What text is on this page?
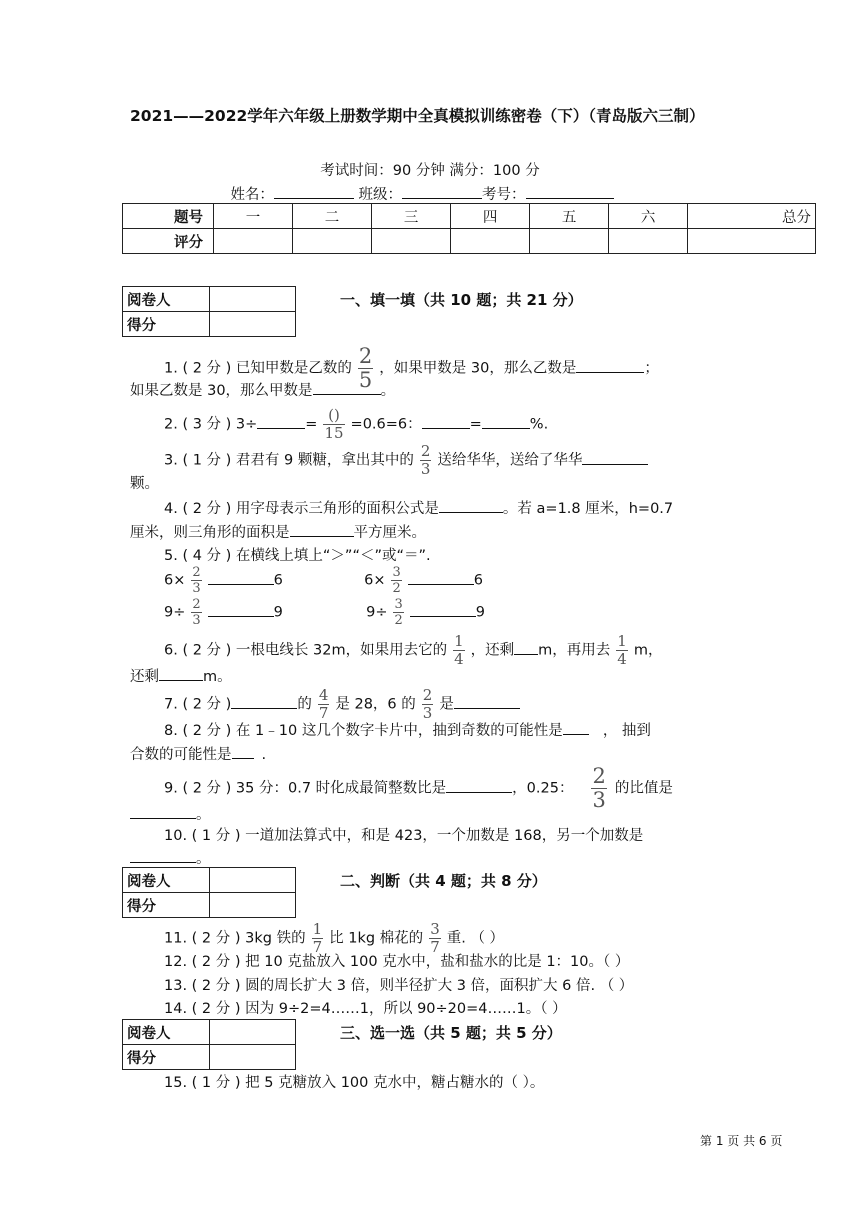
2021——2022学年六年级上册数学期中全真模拟训练密卷（下）（青岛版六三制）
考试时间：90 分钟 满分：100 分
姓名：	班级：	考号：
题号	一	二	三	四	五	六	总分
评分							
阅卷人	
得分	
一、填一填（共 10 题；共 21 分）
1. ( 2 分 ) 已知甲数是乙数的 $\frac{2}{5}$ ，如果甲数是 30，那么乙数是	；
如果乙数是 30，那么甲数是	。
2. ( 3 分 ) 3÷	= $\frac{()}{15} =0.6=6$：	=	%.
3. ( 1 分 ) 君君有 9 颗糖，拿出其中的 $\frac{2}{3}$ 送给华华，送给了华华
颗。
4. ( 2 分 ) 用字母表示三角形的面积公式是	。若 a=1.8 厘米，h=0.7
厘米，则三角形的面积是	平方厘米。
5. ( 4 分 ) 在横线上填上“＞”“＜”或“＝”.
$6\times \frac{2}{3}$	6	$6\times \frac{3}{2}$	6
$9\div \frac{2}{3}$	9	$9\div \frac{3}{2}$	9
6. ( 2 分 ) 一根电线长 32m，如果用去它的 $\frac{1}{4}$ ，还剩 m，再用去 $\frac{1}{4}$ m，
还剩	m。
7. ( 2 分 )	的 $\frac{4}{7}$ 是 28，6 的 $\frac{2}{3}$ 是
8. ( 2 分 ) 在 1﹣10 这几个数字卡片中，抽到奇数的可能性是	， 抽到
合数的可能性是 .
9. ( 2 分 ) 35 分：0.7 时化成最简整数比是	，0.25： $\frac{2}{3}$ 的比值是
。
10. ( 1 分 ) 一道加法算式中，和是 423，一个加数是 168，另一个加数是
。
阅卷人	
得分	
二、判断（共 4 题；共 8 分）
11. ( 2 分 ) 3kg 铁的 $\frac{1}{7}$ 比 1kg 棉花的 $\frac{3}{7}$ 重. （ ）
12. ( 2 分 ) 把 10 克盐放入 100 克水中，盐和盐水的比是 1：10。（ ）
13. ( 2 分 ) 圆的周长扩大 3 倍，则半径扩大 3 倍，面积扩大 6 倍. （ ）
14. ( 2 分 ) 因为 9÷2=4……1，所以 90÷20=4……1。（ ）
阅卷人	
得分	
三、选一选（共 5 题；共 5 分）
15. ( 1 分 ) 把 5 克糖放入 100 克水中，糖占糖水的（ ）。
第 1 页 共 6 页
